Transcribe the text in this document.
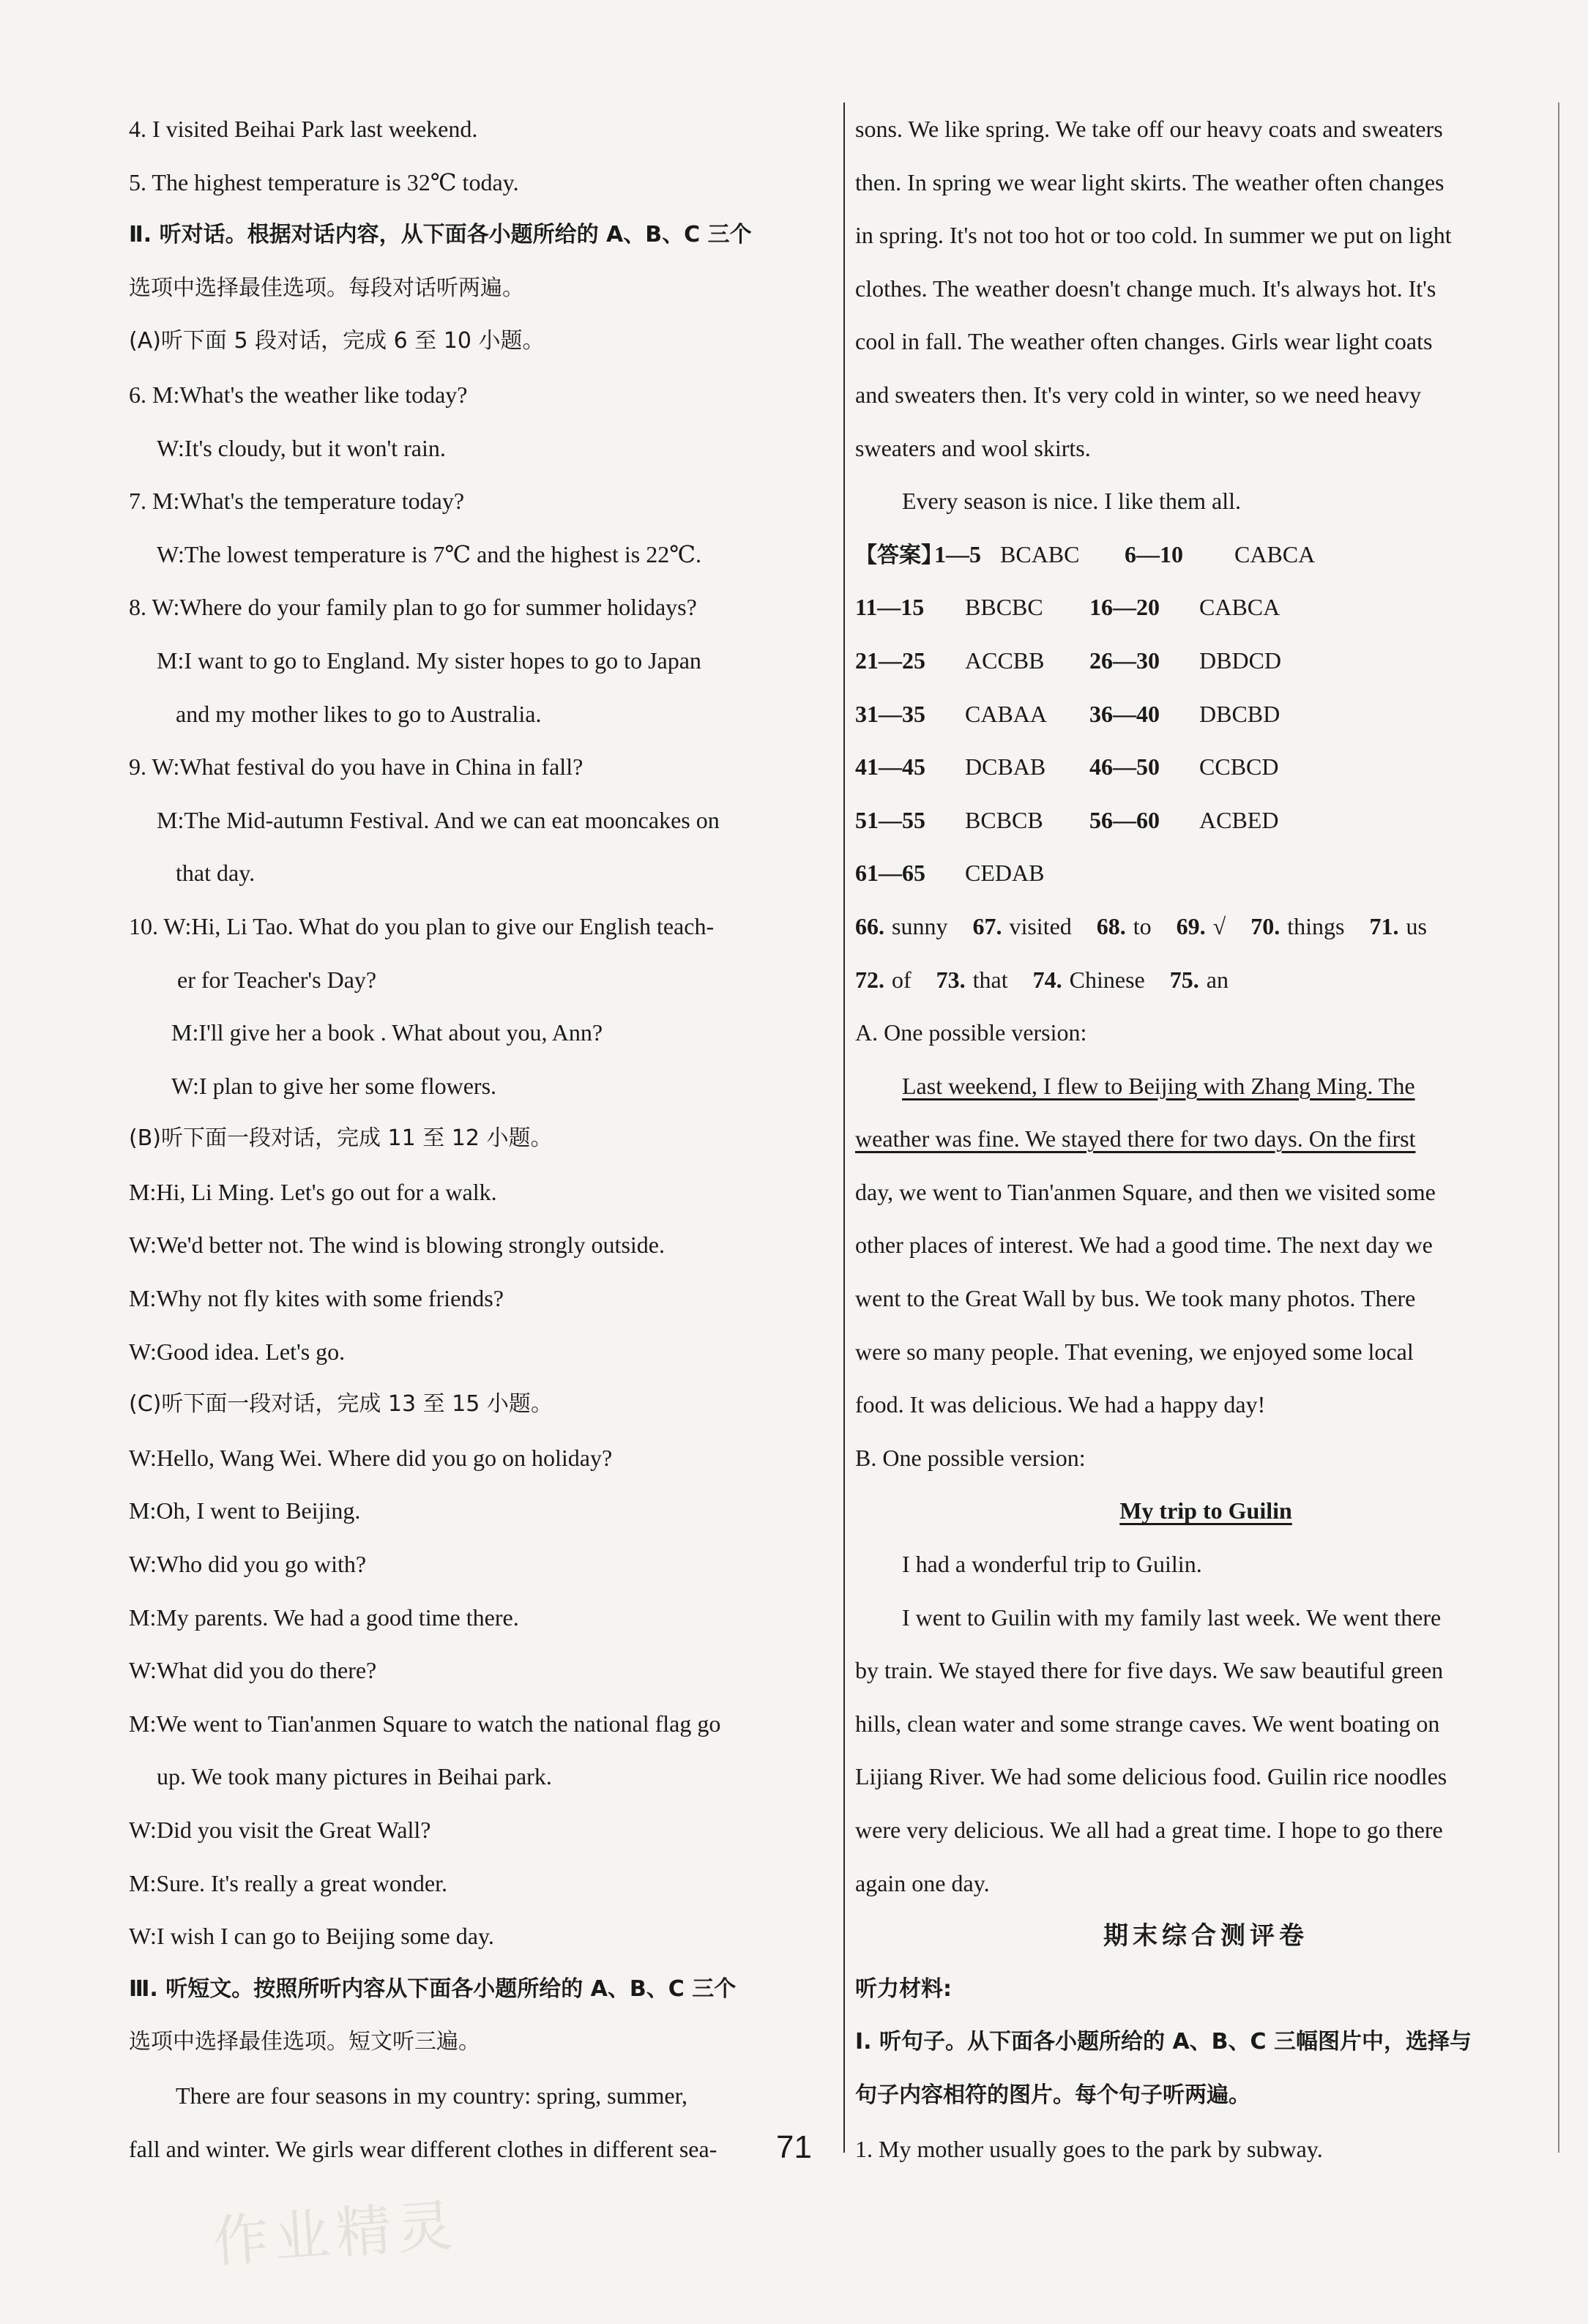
4. I visited Beihai Park last weekend.
5. The highest temperature is 32℃ today.
Ⅱ. 听对话。根据对话内容，从下面各小题所给的 A、B、C 三个
选项中选择最佳选项。每段对话听两遍。
(A)听下面 5 段对话，完成 6 至 10 小题。
6. M:What's the weather like today?
W:It's cloudy, but it won't rain.
7. M:What's the temperature today?
W:The lowest temperature is 7℃ and the highest is 22℃.
8. W:Where do your family plan to go for summer holidays?
M:I want to go to England. My sister hopes to go to Japan
and my mother likes to go to Australia.
9. W:What festival do you have in China in fall?
M:The Mid-autumn Festival. And we can eat mooncakes on
that day.
10. W:Hi, Li Tao. What do you plan to give our English teach-
er for Teacher's Day?
M:I'll give her a book . What about you, Ann?
W:I plan to give her some flowers.
(B)听下面一段对话，完成 11 至 12 小题。
M:Hi, Li Ming. Let's go out for a walk.
W:We'd better not. The wind is blowing strongly outside.
M:Why not fly kites with some friends?
W:Good idea. Let's go.
(C)听下面一段对话，完成 13 至 15 小题。
W:Hello, Wang Wei. Where did you go on holiday?
M:Oh, I went to Beijing.
W:Who did you go with?
M:My parents. We had a good time there.
W:What did you do there?
M:We went to Tian'anmen Square to watch the national flag go
up. We took many pictures in Beihai park.
W:Did you visit the Great Wall?
M:Sure. It's really a great wonder.
W:I wish I can go to Beijing some day.
Ⅲ. 听短文。按照所听内容从下面各小题所给的 A、B、C 三个
选项中选择最佳选项。短文听三遍。
There are four seasons in my country: spring, summer,
fall and winter. We girls wear different clothes in different sea-
sons. We like spring. We take off our heavy coats and sweaters
then. In spring we wear light skirts. The weather often changes
in spring. It's not too hot or too cold. In summer we put on light
clothes. The weather doesn't change much. It's always hot. It's
cool in fall. The weather often changes. Girls wear light coats
and sweaters then. It's very cold in winter, so we need heavy
sweaters and wool skirts.
Every season is nice. I like them all.
【答案】1—5 BCABC 6—10 CABCA
11—15 BBCBC 16—20 CABCA
21—25 ACCBB 26—30 DBDCD
31—35 CABAA 36—40 DBCBD
41—45 DCBAB 46—50 CCBCD
51—55 BCBCB 56—60 ACBED
61—65 CEDAB
66. sunny 67. visited 68. to 69. √ 70. things 71. us
72. of 73. that 74. Chinese 75. an
A. One possible version:
Last weekend, I flew to Beijing with Zhang Ming. The
weather was fine. We stayed there for two days. On the first
day, we went to Tian'anmen Square, and then we visited some
other places of interest. We had a good time. The next day we
went to the Great Wall by bus. We took many photos. There
were so many people. That evening, we enjoyed some local
food. It was delicious. We had a happy day!
B. One possible version:
My trip to Guilin
I had a wonderful trip to Guilin.
I went to Guilin with my family last week. We went there
by train. We stayed there for five days. We saw beautiful green
hills, clean water and some strange caves. We went boating on
Lijiang River. We had some delicious food. Guilin rice noodles
were very delicious. We all had a great time. I hope to go there
again one day.
期末综合测评卷
听力材料:
Ⅰ. 听句子。从下面各小题所给的 A、B、C 三幅图片中，选择与
句子内容相符的图片。每个句子听两遍。
1. My mother usually goes to the park by subway.
71
作业精灵
